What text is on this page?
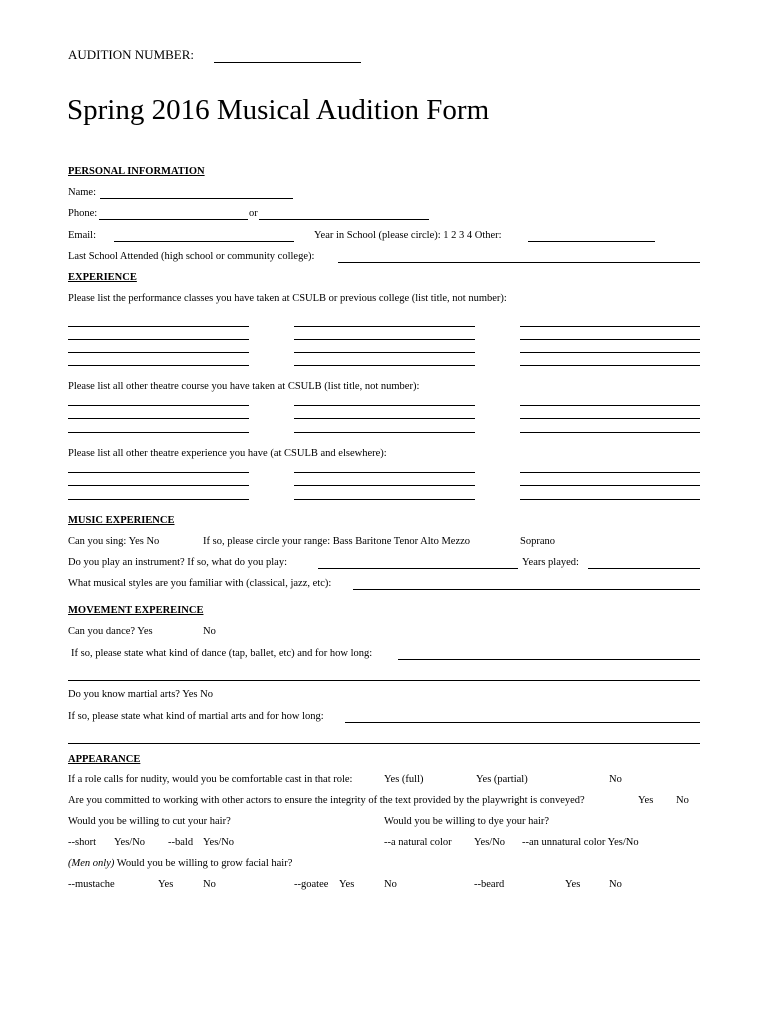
AUDITION NUMBER:
Spring 2016 Musical Audition Form
PERSONAL INFORMATION
Name:
Phone:	or
Email:	Year in School (please circle): 1 2 3 4 Other:
Last School Attended (high school or community college):
EXPERIENCE
Please list the performance classes you have taken at CSULB or previous college (list title, not number):
Please list all other theatre course you have taken at CSULB (list title, not number):
Please list all other theatre experience you have (at CSULB and elsewhere):
MUSIC EXPERIENCE
Can you sing: Yes No	If so, please circle your range: Bass Baritone Tenor Alto Mezzo	Soprano
Do you play an instrument? If so, what do you play:	Years played:
What musical styles are you familiar with (classical, jazz, etc):
MOVEMENT EXPEREINCE
Can you dance? Yes	No
If so, please state what kind of dance (tap, ballet, etc) and for how long:
Do you know martial arts? Yes No
If so, please state what kind of martial arts and for how long:
APPEARANCE
If a role calls for nudity, would you be comfortable cast in that role:	Yes (full)	Yes (partial)	No
Are you committed to working with other actors to ensure the integrity of the text provided by the playwright is conveyed?	Yes No
Would you be willing to cut your hair?	Would you be willing to dye your hair?
--short Yes/No --bald Yes/No	--a natural color Yes/No --an unnatural color Yes/No
(Men only) Would you be willing to grow facial hair?
--mustache	Yes	No	--goatee Yes	No	--beard	Yes	No
